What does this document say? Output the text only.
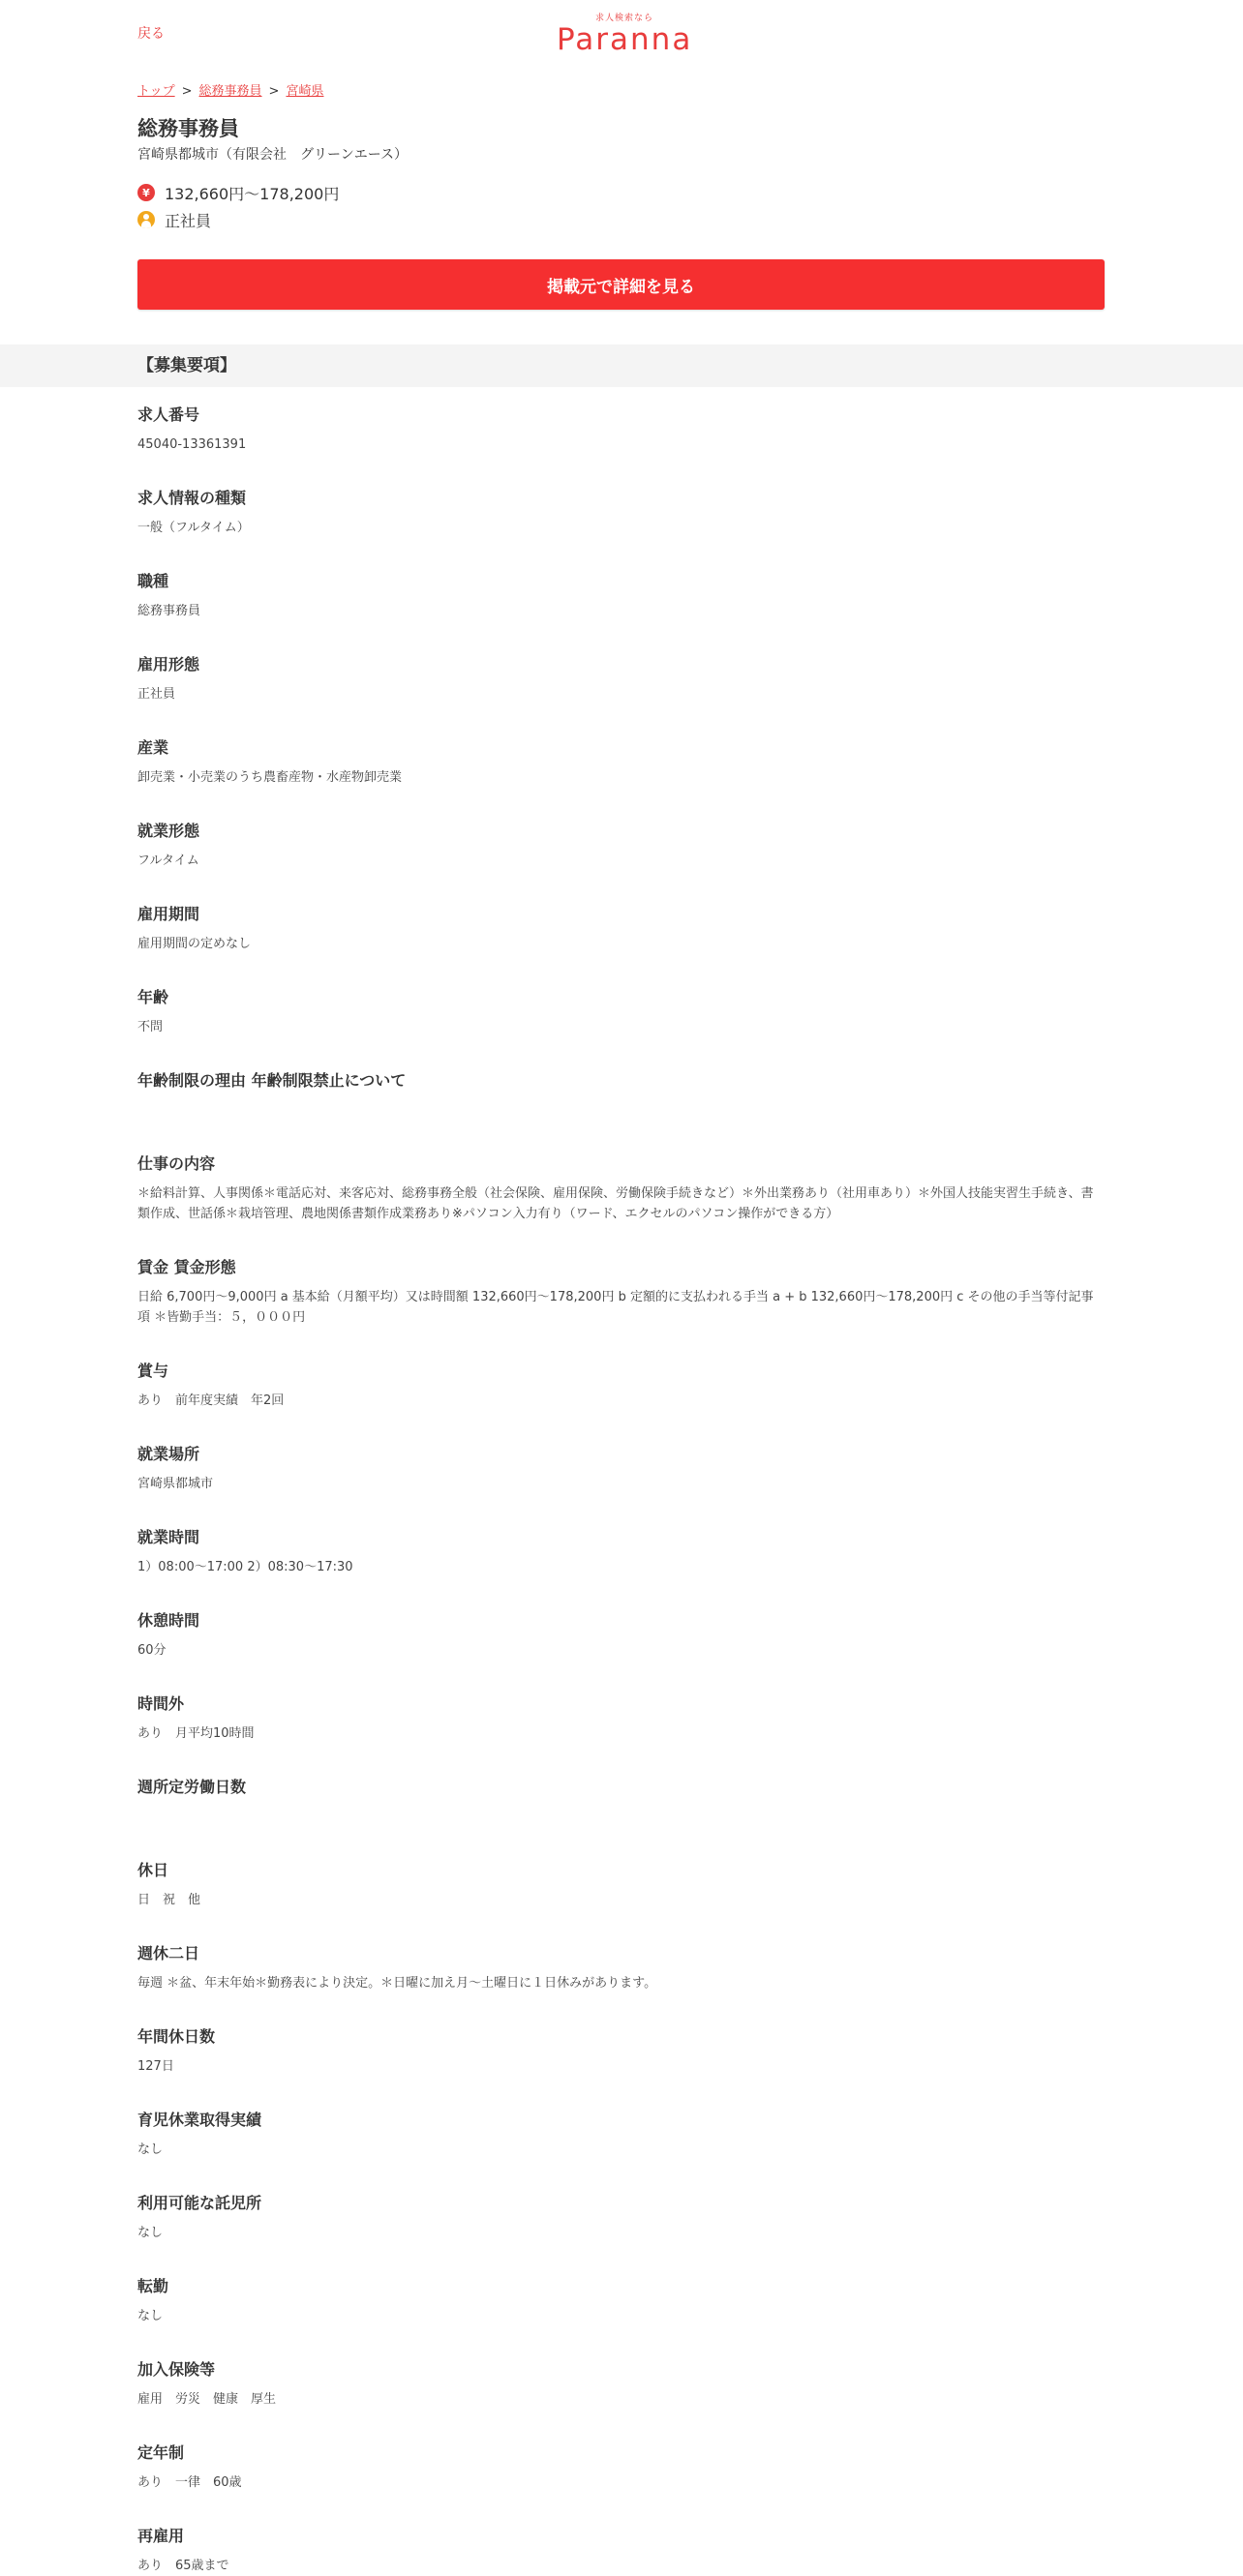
戻る
求人検索なら
Paranna
トップ > 総務事務員 > 宮崎県
総務事務員
宮崎県都城市（有限会社　グリーンエース）
¥ 132,660円～178,200円
正社員
掲載元で詳細を見る
【募集要項】
求人番号
45040-13361391
求人情報の種類
一般（フルタイム）
職種
総務事務員
雇用形態
正社員
産業
卸売業・小売業のうち農畜産物・水産物卸売業
就業形態
フルタイム
雇用期間
雇用期間の定めなし
年齢
不問
年齢制限の理由 年齢制限禁止について
仕事の内容
＊給料計算、人事関係＊電話応対、来客応対、総務事務全般（社会保険、雇用保険、労働保険手続きなど）＊外出業務あり（社用車あり）＊外国人技能実習生手続き、書類作成、世話係＊栽培管理、農地関係書類作成業務あり※パソコン入力有り（ワード、エクセルのパソコン操作ができる方）
賃金 賃金形態
日給 6,700円～9,000円 a 基本給（月額平均）又は時間額 132,660円～178,200円 b 定額的に支払われる手当 a + b 132,660円～178,200円 c その他の手当等付記事項 ＊皆勤手当：５，０００円
賞与
あり　前年度実績　年2回
就業場所
宮崎県都城市
就業時間
1）08:00～17:00 2）08:30～17:30
休憩時間
60分
時間外
あり　月平均10時間
週所定労働日数
休日
日　祝　他
週休二日
毎週 ＊盆、年末年始＊勤務表により決定。＊日曜に加え月～土曜日に１日休みがあります。
年間休日数
127日
育児休業取得実績
なし
利用可能な託児所
なし
転勤
なし
加入保険等
雇用　労災　健康　厚生
定年制
あり　一律　60歳
再雇用
あり　65歳まで
